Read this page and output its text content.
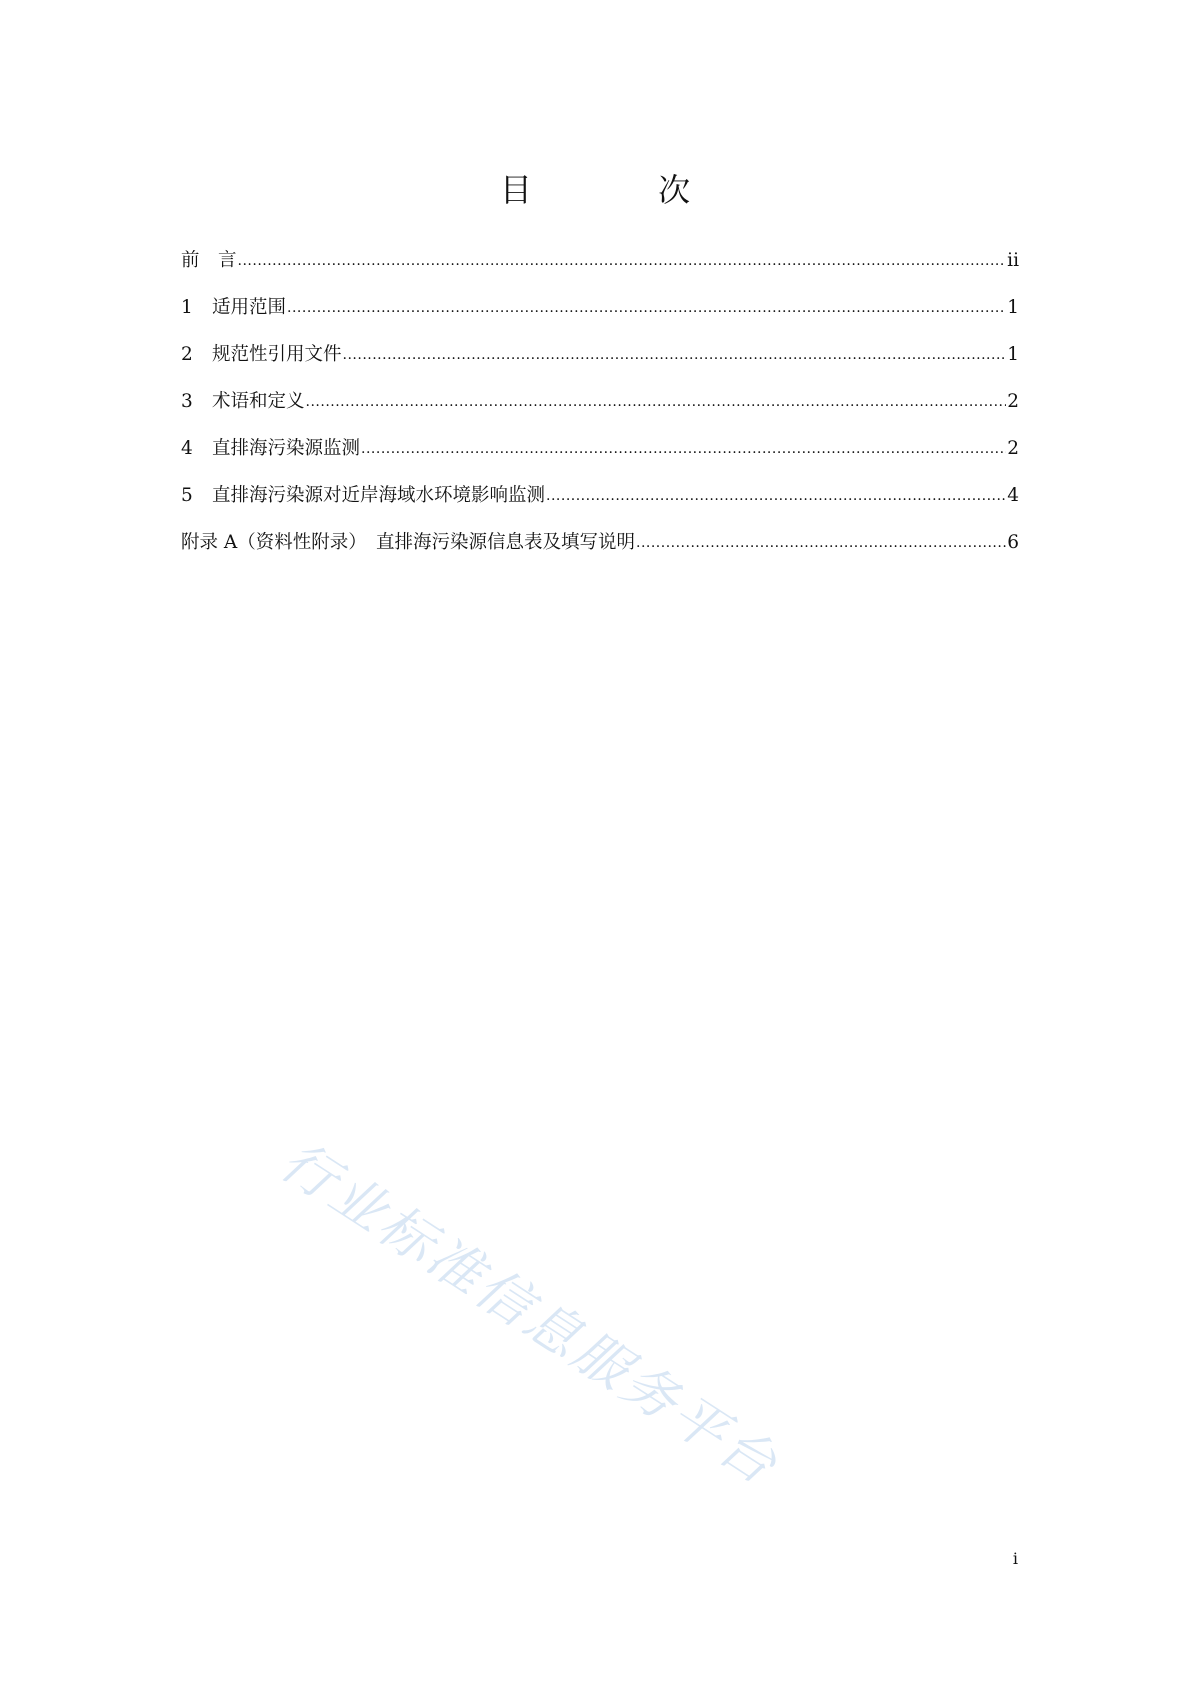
目 次
前　言 .....	ii
1 适用范围 .....	1
2 规范性引用文件 .....	1
3 术语和定义 .....	2
4 直排海污染源监测 .....	2
5 直排海污染源对近岸海域水环境影响监测 .....	4
附录 A（资料性附录）　直排海污染源信息表及填写说明 .....	6
行业标准信息服务平台
i
